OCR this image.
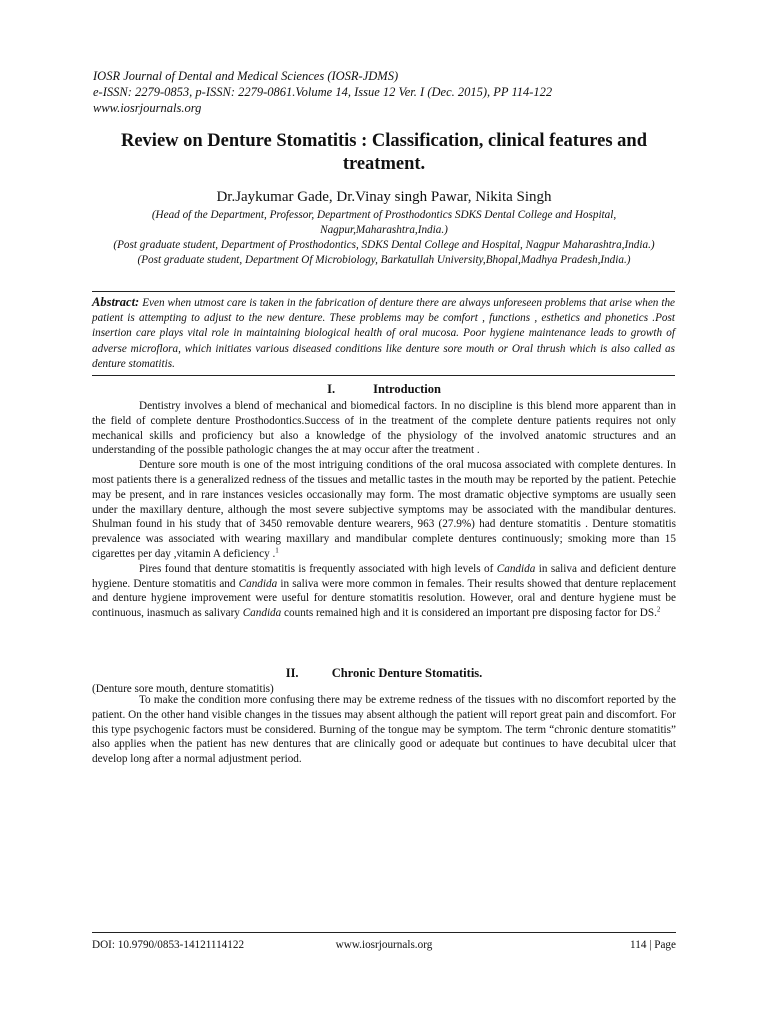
IOSR Journal of Dental and Medical Sciences (IOSR-JDMS)
e-ISSN: 2279-0853, p-ISSN: 2279-0861.Volume 14, Issue 12 Ver. I (Dec. 2015), PP 114-122
www.iosrjournals.org
Review on Denture Stomatitis : Classification, clinical features and treatment.
Dr.Jaykumar Gade, Dr.Vinay singh Pawar, Nikita Singh
(Head of the Department, Professor, Department of Prosthodontics SDKS Dental College and Hospital, Nagpur,Maharashtra,India.)
(Post graduate student, Department of Prosthodontics, SDKS Dental College and Hospital, Nagpur Maharashtra,India.)
(Post graduate student, Department Of Microbiology, Barkatullah University,Bhopal,Madhya Pradesh,India.)
Abstract: Even when utmost care is taken in the fabrication of denture there are always unforeseen problems that arise when the patient is attempting to adjust to the new denture. These problems may be comfort , functions , esthetics and phonetics .Post insertion care plays vital role in maintaining biological health of oral mucosa. Poor hygiene maintenance leads to growth of adverse microflora, which initiates various diseased conditions like denture sore mouth or Oral thrush which is also called as denture stomatitis.
I.	Introduction

Dentistry involves a blend of mechanical and biomedical factors. In no discipline is this blend more apparent than in the field of complete denture Prosthodontics.Success of in the treatment of the complete denture patients requires not only mechanical skills and proficiency but also a knowledge of the physiology of the involved anatomic structures and an understanding of the possible pathologic changes the at may occur after the treatment .

Denture sore mouth is one of the most intriguing conditions of the oral mucosa associated with complete dentures. In most patients there is a generalized redness of the tissues and metallic tastes in the mouth may be reported by the patient. Petechie may be present, and in rare instances vesicles occasionally may form. The most dramatic objective symptoms are usually seen under the maxillary denture, although the most severe subjective symptoms may be associated with the mandibular dentures. Shulman found in his study that of 3450 removable denture wearers, 963 (27.9%) had denture stomatitis . Denture stomatitis prevalence was associated with wearing maxillary and mandibular complete dentures continuously; smoking more than 15 cigarettes per day ,vitamin A deficiency .$^1$

Pires found that denture stomatitis is frequently associated with high levels of Candida in saliva and deficient denture hygiene. Denture stomatitis and Candida in saliva were more common in females. Their results showed that denture replacement and denture hygiene improvement were useful for denture stomatitis resolution. However, oral and denture hygiene must be continuous, inasmuch as salivary Candida counts remained high and it is considered an important pre disposing factor for DS.$^2$

II.	Chronic Denture Stomatitis.
(Denture sore mouth, denture stomatitis)

To make the condition more confusing there may be extreme redness of the tissues with no discomfort reported by the patient. On the other hand visible changes in the tissues may absent although the patient will report great pain and discomfort. For this type psychogenic factors must be considered. Burning of the tongue may be symptom. The term “chronic denture stomatitis” also applies when the patient has new dentures that are clinically good or adequate but continues to have decubital ulcer that develop long after a normal adjustment period.

DOI: 10.9790/0853-14121114122	www.iosrjournals.org	114 | Page
